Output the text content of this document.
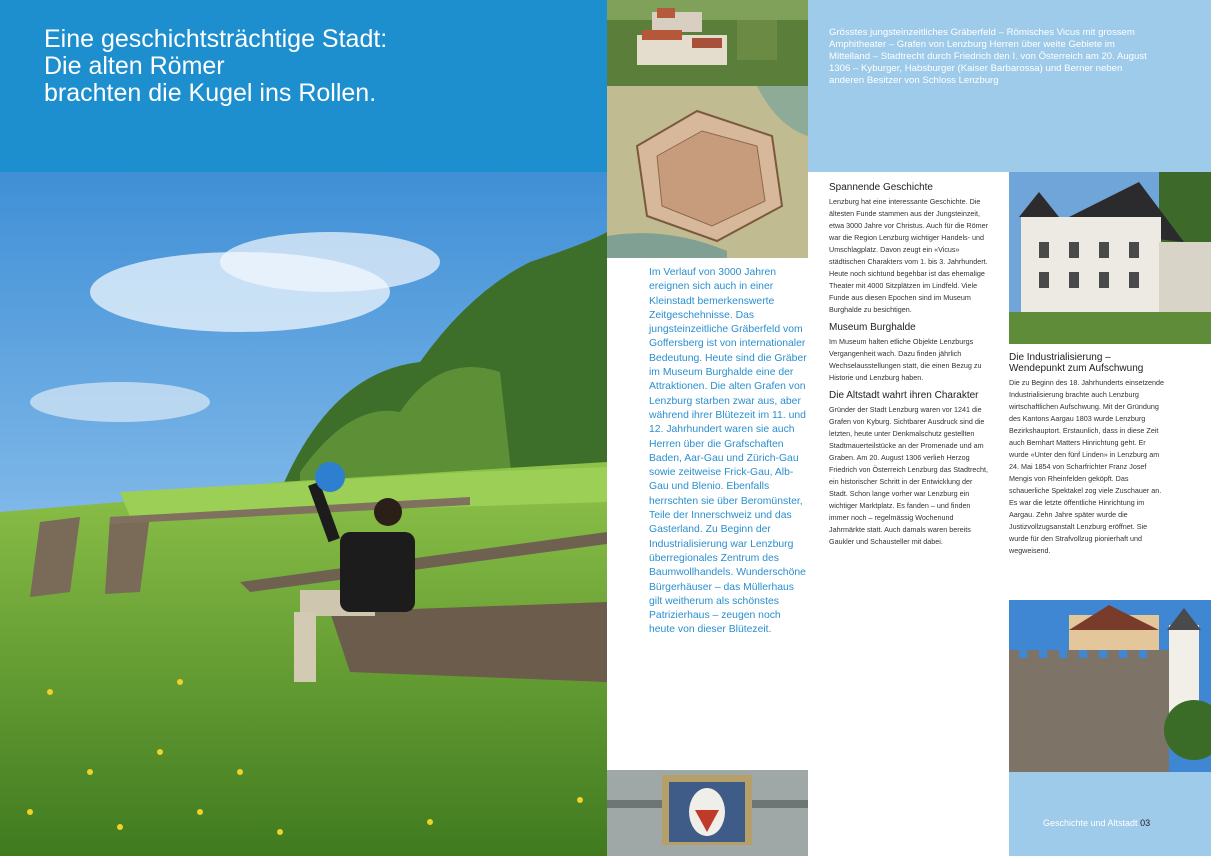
Eine geschichtsträchtige Stadt:
Die alten Römer
brachten die Kugel ins Rollen.

Grösstes jungsteinzeitliches Gräberfeld – Römisches Vicus mit grossem Amphitheater – Grafen von Lenzburg Herren über weite Gebiete im Mittelland – Stadtrecht durch Friedrich den I. von Österreich am 20. August 1306 – Kyburger, Habsburger (Kaiser Barbarossa) und Berner neben anderen Besitzer von Schloss Lenzburg

Im Verlauf von 3000 Jahren ereignen sich auch in einer Kleinstadt bemerkenswerte Zeitgeschehnisse. Das jungsteinzeitliche Gräberfeld vom Goffersberg ist von internationaler Bedeutung. Heute sind die Gräber im Museum Burghalde eine der Attraktionen. Die alten Grafen von Lenzburg starben zwar aus, aber während ihrer Blütezeit im 11. und 12. Jahrhundert waren sie auch Herren über die Grafschaften Baden, Aar-Gau und Zürich-Gau sowie zeitweise Frick-Gau, Alb-Gau und Blenio. Ebenfalls herrschten sie über Beromünster, Teile der Innerschweiz und das Gasterland. Zu Beginn der Industrialisierung war Lenzburg überregionales Zentrum des Baumwollhandels. Wunderschöne Bürgerhäuser – das Müllerhaus gilt weitherum als schönstes Patrizierhaus – zeugen noch heute von dieser Blütezeit.

Spannende Geschichte

Lenzburg hat eine interessante Geschichte. Die ältesten Funde stammen aus der Jungsteinzeit, etwa 3000 Jahre vor Christus. Auch für die Römer war die Region Lenzburg wichtiger Handels- und Umschlagplatz. Davon zeugt ein «Vicus» städtischen Charakters vom 1. bis 3. Jahrhundert. Heute noch sichtund begehbar ist das ehemalige Theater mit 4000 Sitzplätzen im Lindfeld. Viele Funde aus diesen Epochen sind im Museum Burghalde zu besichtigen.

Museum Burghalde

Im Museum halten etliche Objekte Lenzburgs Vergangenheit wach. Dazu finden jährlich Wechselausstellungen statt, die einen Bezug zu Historie und Lenzburg haben.

Die Altstadt wahrt ihren Charakter

Gründer der Stadt Lenzburg waren vor 1241 die Grafen von Kyburg. Sichtbarer Ausdruck sind die letzten, heute unter Denkmalschutz gestellten Stadtmauerteilstücke an der Promenade und am Graben. Am 20. August 1306 verlieh Herzog Friedrich von Österreich Lenzburg das Stadtrecht, ein historischer Schritt in der Entwicklung der Stadt. Schon lange vorher war Lenzburg ein wichtiger Marktplatz. Es fanden – und finden immer noch – regelmässig Wochenund Jahrmärkte statt. Auch damals waren bereits Gaukler und Schausteller mit dabei.

Die Industrialisierung – Wendepunkt zum Aufschwung

Die zu Beginn des 18. Jahrhunderts einsetzende Industrialisierung brachte auch Lenzburg wirtschaftlichen Aufschwung. Mit der Gründung des Kantons Aargau 1803 wurde Lenzburg Bezirkshauptort. Erstaunlich, dass in diese Zeit auch Bernhart Matters Hinrichtung geht. Er wurde «Unter den fünf Linden» in Lenzburg am 24. Mai 1854 von Scharfrichter Franz Josef Mengis von Rheinfelden geköpft. Das schauerliche Spektakel zog viele Zuschauer an. Es war die letzte öffentliche Hinrichtung im Aargau. Zehn Jahre später wurde die Justizvollzugsanstalt Lenzburg eröffnet. Sie wurde für den Strafvollzug pionierhaft und wegweisend.

Geschichte und Altstadt 03
